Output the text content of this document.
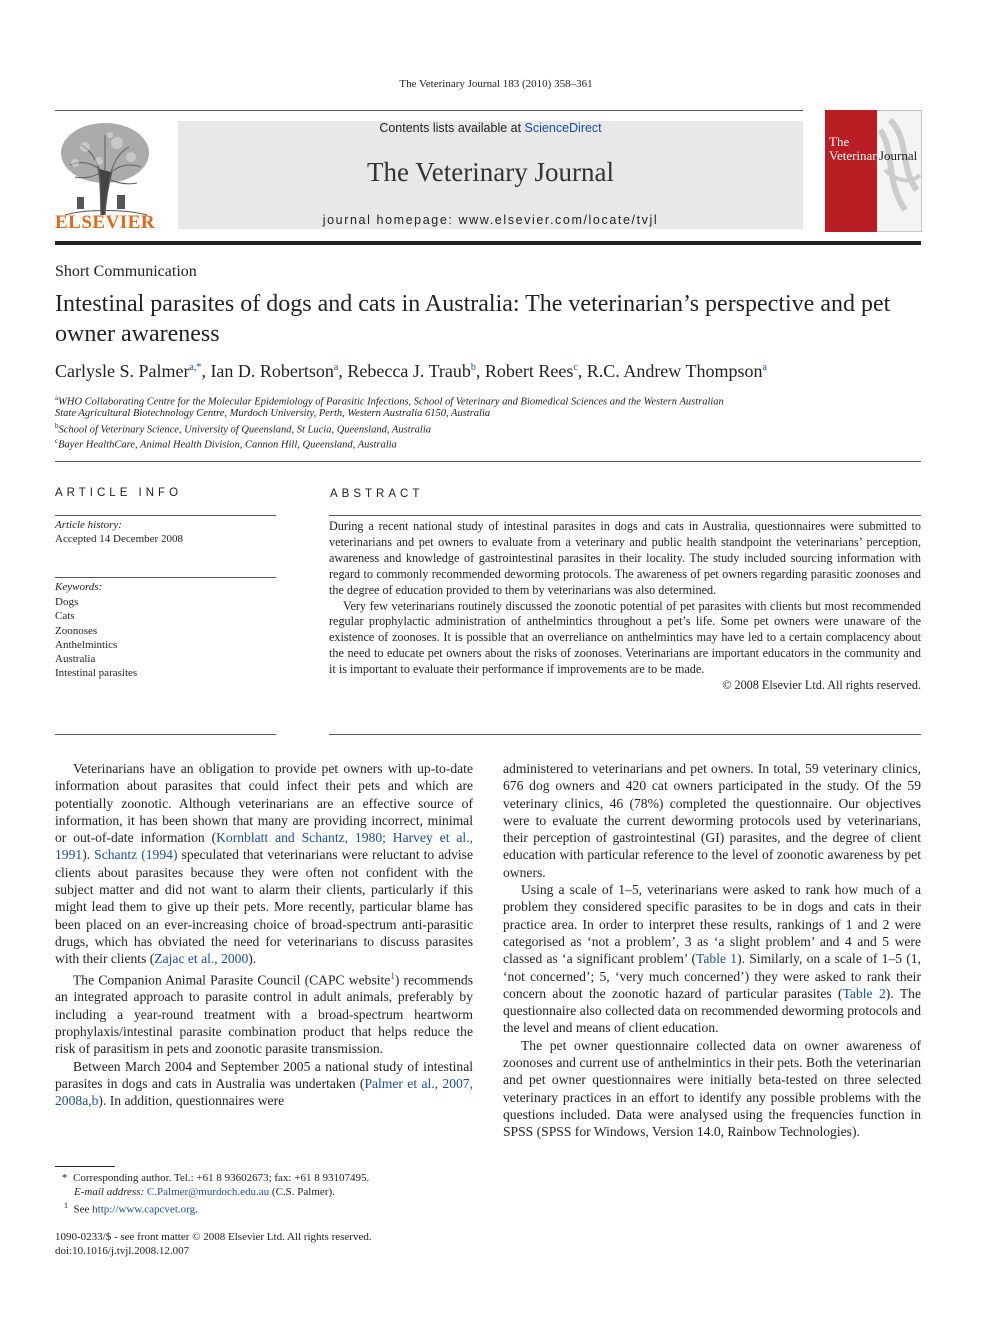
The Veterinary Journal 183 (2010) 358–361
ELSEVIER
Contents lists available at ScienceDirect
The Veterinary Journal
journal homepage: www.elsevier.com/locate/tvjl
The
Veterinary
Journal
Short Communication
Intestinal parasites of dogs and cats in Australia: The veterinarian’s perspective and pet owner awareness
Carlysle S. Palmer$^{a,*}$, Ian D. Robertson$^a$, Rebecca J. Traub$^b$, Robert Rees$^c$, R.C. Andrew Thompson$^a$
$^a$WHO Collaborating Centre for the Molecular Epidemiology of Parasitic Infections, School of Veterinary and Biomedical Sciences and the Western Australian
State Agricultural Biotechnology Centre, Murdoch University, Perth, Western Australia 6150, Australia
$^b$School of Veterinary Science, University of Queensland, St Lucia, Queensland, Australia
$^c$Bayer HealthCare, Animal Health Division, Cannon Hill, Queensland, Australia
ARTICLE INFO
Article history:
Accepted 14 December 2008
Keywords:
Dogs
Cats
Zoonoses
Anthelmintics
Australia
Intestinal parasites
ABSTRACT

During a recent national study of intestinal parasites in dogs and cats in Australia, questionnaires were submitted to veterinarians and pet owners to evaluate from a veterinary and public health standpoint the veterinarians’ perception, awareness and knowledge of gastrointestinal parasites in their locality. The study included sourcing information with regard to commonly recommended deworming protocols. The awareness of pet owners regarding parasitic zoonoses and the degree of education provided to them by veterinarians was also determined.

Very few veterinarians routinely discussed the zoonotic potential of pet parasites with clients but most recommended regular prophylactic administration of anthelmintics throughout a pet’s life. Some pet owners were unaware of the existence of zoonoses. It is possible that an overreliance on anthelmintics may have led to a certain complacency about the need to educate pet owners about the risks of zoonoses. Veterinarians are important educators in the community and it is important to evaluate their performance if improvements are to be made.

© 2008 Elsevier Ltd. All rights reserved.

Veterinarians have an obligation to provide pet owners with up-to-date information about parasites that could infect their pets and which are potentially zoonotic. Although veterinarians are an effective source of information, it has been shown that many are providing incorrect, minimal or out-of-date information (Kornblatt and Schantz, 1980; Harvey et al., 1991). Schantz (1994) speculated that veterinarians were reluctant to advise clients about parasites because they were often not confident with the subject matter and did not want to alarm their clients, particularly if this might lead them to give up their pets. More recently, particular blame has been placed on an ever-increasing choice of broad-spectrum anti-parasitic drugs, which has obviated the need for veterinarians to discuss parasites with their clients (Zajac et al., 2000).

The Companion Animal Parasite Council (CAPC website$^1$) recommends an integrated approach to parasite control in adult animals, preferably by including a year-round treatment with a broad-spectrum heartworm prophylaxis/intestinal parasite combination product that helps reduce the risk of parasitism in pets and zoonotic parasite transmission.

Between March 2004 and September 2005 a national study of intestinal parasites in dogs and cats in Australia was undertaken (Palmer et al., 2007, 2008a,b). In addition, questionnaires were

administered to veterinarians and pet owners. In total, 59 veterinary clinics, 676 dog owners and 420 cat owners participated in the study. Of the 59 veterinary clinics, 46 (78%) completed the questionnaire. Our objectives were to evaluate the current deworming protocols used by veterinarians, their perception of gastrointestinal (GI) parasites, and the degree of client education with particular reference to the level of zoonotic awareness by pet owners.

Using a scale of 1–5, veterinarians were asked to rank how much of a problem they considered specific parasites to be in dogs and cats in their practice area. In order to interpret these results, rankings of 1 and 2 were categorised as ‘not a problem’, 3 as ‘a slight problem’ and 4 and 5 were classed as ‘a significant problem’ (Table 1). Similarly, on a scale of 1–5 (1, ‘not concerned’; 5, ‘very much concerned’) they were asked to rank their concern about the zoonotic hazard of particular parasites (Table 2). The questionnaire also collected data on recommended deworming protocols and the level and means of client education.

The pet owner questionnaire collected data on owner awareness of zoonoses and current use of anthelmintics in their pets. Both the veterinarian and pet owner questionnaires were initially beta-tested on three selected veterinary practices in an effort to identify any possible problems with the questions included. Data were analysed using the frequencies function in SPSS (SPSS for Windows, Version 14.0, Rainbow Technologies).

* Corresponding author. Tel.: +61 8 93602673; fax: +61 8 93107495.
E-mail address: C.Palmer@murdoch.edu.au (C.S. Palmer).
$^1$ See http://www.capcvet.org.
1090-0233/$ - see front matter © 2008 Elsevier Ltd. All rights reserved.
doi:10.1016/j.tvjl.2008.12.007
